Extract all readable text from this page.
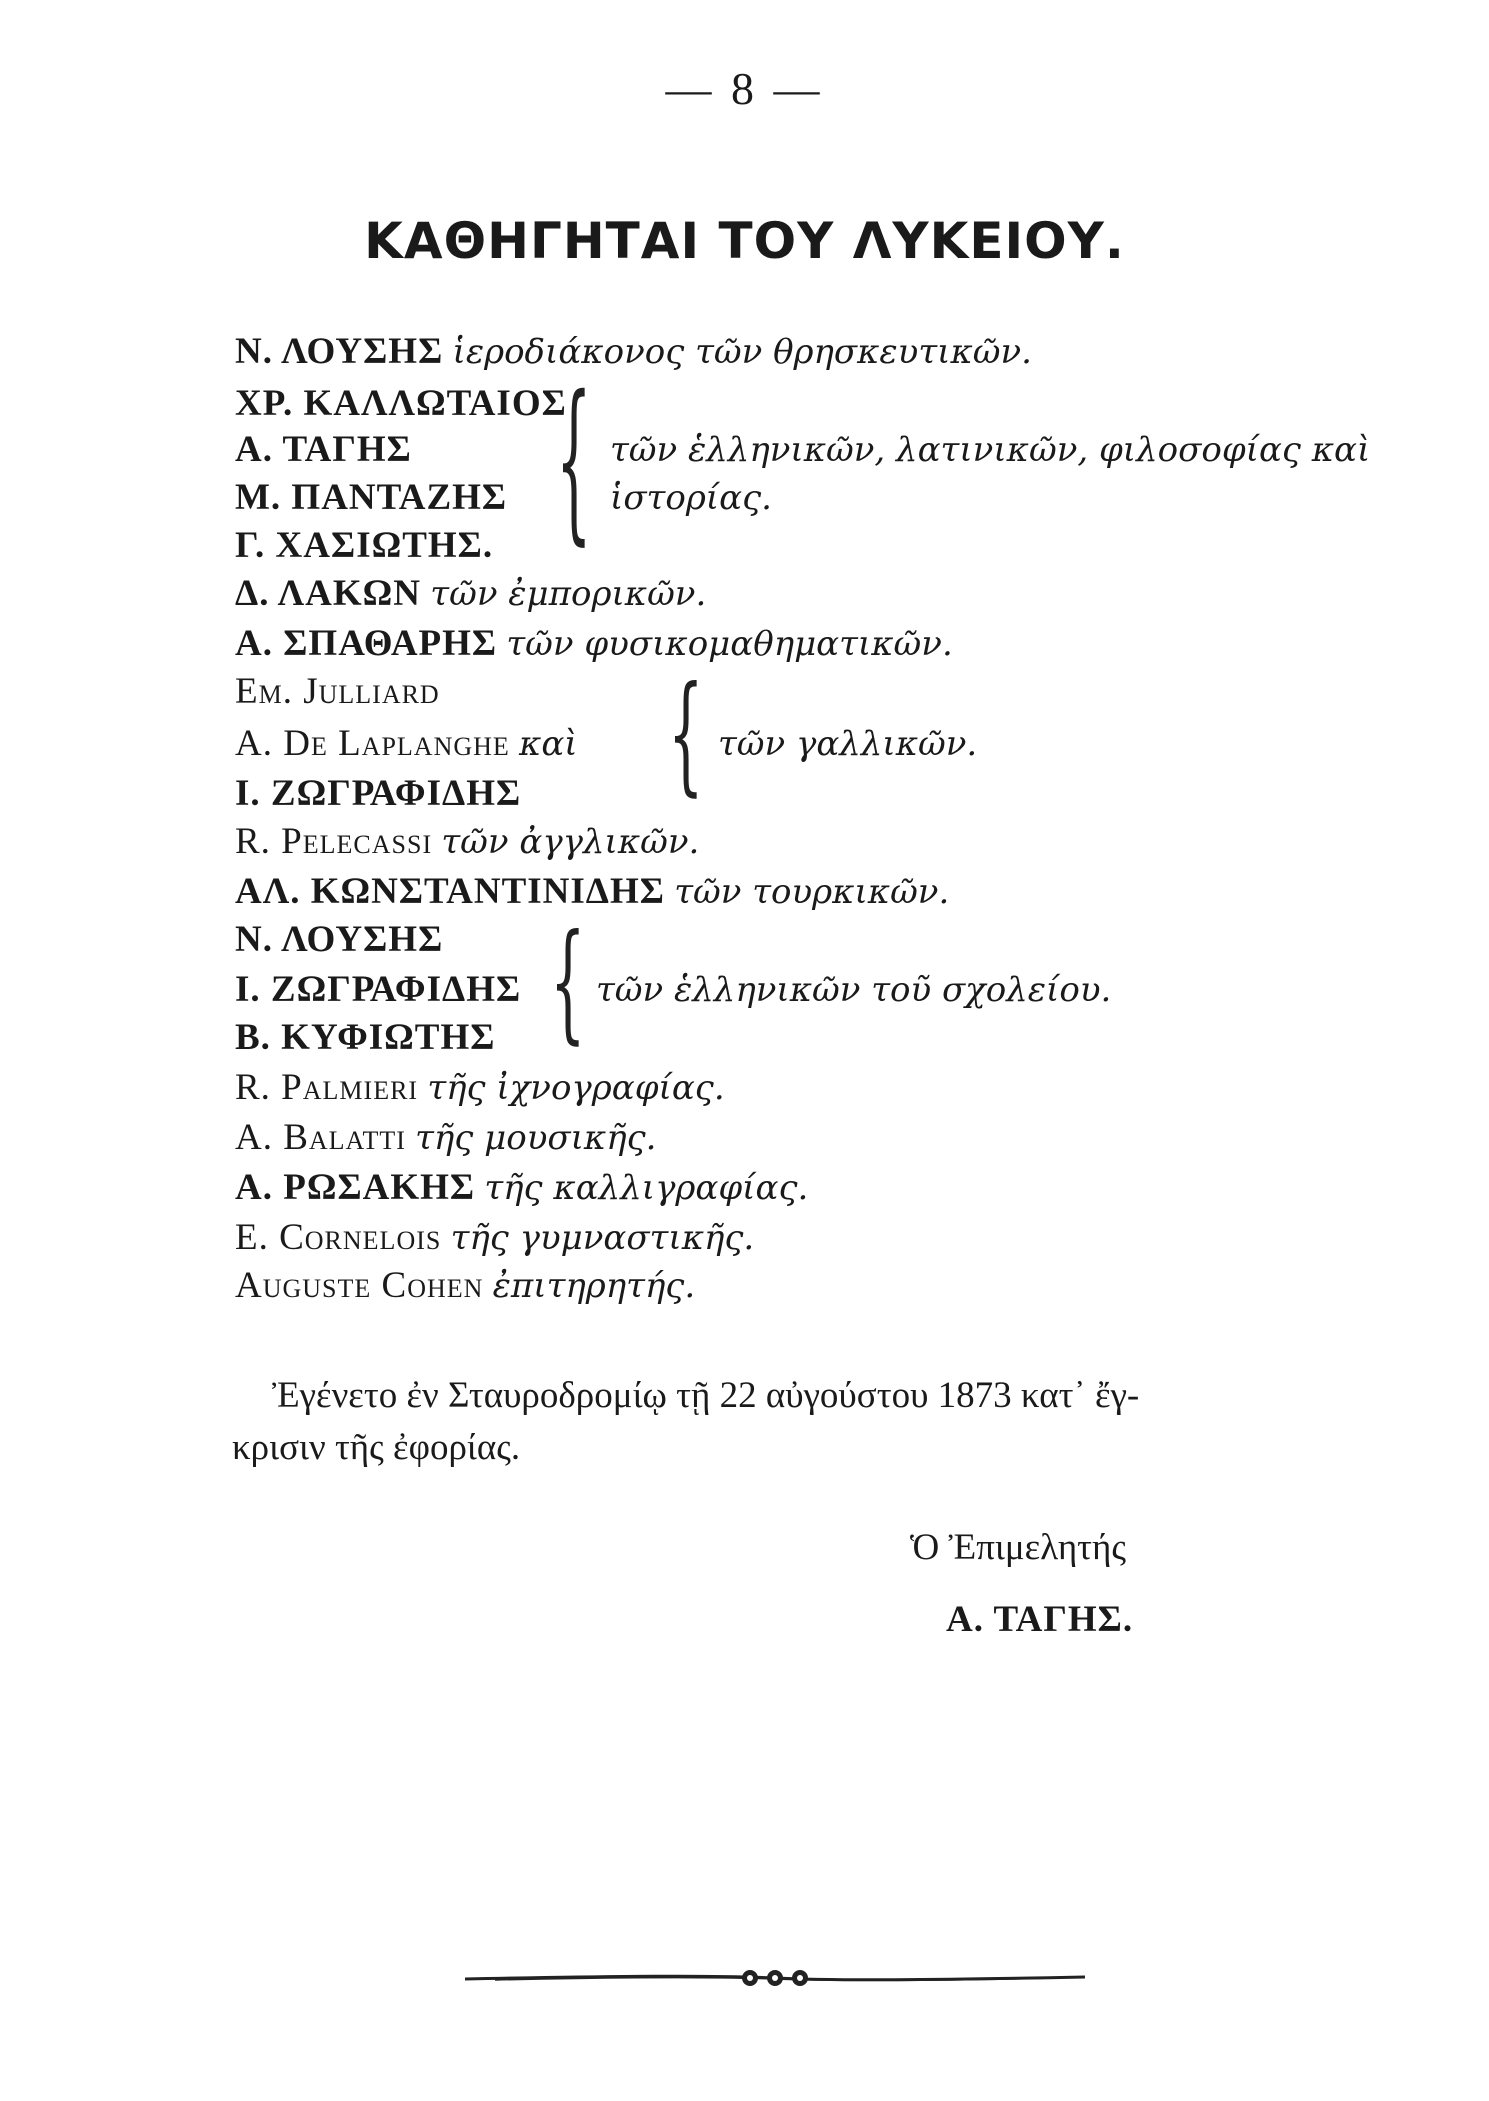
— 8 —
ΚΑΘΗΓΗΤΑΙ ΤΟΥ ΛΥΚΕΙΟΥ.
Ν. ΛΟΥΣΗΣ ἱεροδιάκονος τῶν θρησκευτικῶν.
ΧΡ. ΚΑΛΛΩΤΑΙΟΣ
Α. ΤΑΓΗΣ
Μ. ΠΑΝΤΑΖΗΣ
Γ. ΧΑΣΙΩΤΗΣ. { τῶν ἑλληνικῶν, λατινικῶν, φιλοσοφίας καὶ
ἱστορίας.
Δ. ΛΑΚΩΝ τῶν ἐμπορικῶν.
Α. ΣΠΑΘΑΡΗΣ τῶν φυσικομαθηματικῶν.
Εm. Julliard
A. De Laplanghe καὶ
Ι. ΖΩΓΡΑΦΙΔΗΣ	{ τῶν γαλλικῶν.
R. Pelecassi τῶν ἀγγλικῶν.
ΑΛ. ΚΩΝΣΤΑΝΤΙΝΙΔΗΣ τῶν τουρκικῶν.
Ν. ΛΟΥΣΗΣ
Ι. ΖΩΓΡΑΦΙΔΗΣ
Β. ΚΥΦΙΩΤΗΣ { τῶν ἑλληνικῶν τοῦ σχολείου.
R. Palmieri τῆς ἰχνογραφίας.
A. Balatti τῆς μουσικῆς.
Α. ΡΩΣΑΚΗΣ τῆς καλλιγραφίας.
E. Cornelois τῆς γυμναστικῆς.
Auguste Cohen ἐπιτηρητής.
Ἐγένετο ἐν Σταυροδρομίῳ τῇ 22 αὐγούστου 1873 κατ᾽ ἔγ-
κρισιν τῆς ἐφορίας.
Ὁ Ἐπιμελητής
Α. ΤΑΓΗΣ.
